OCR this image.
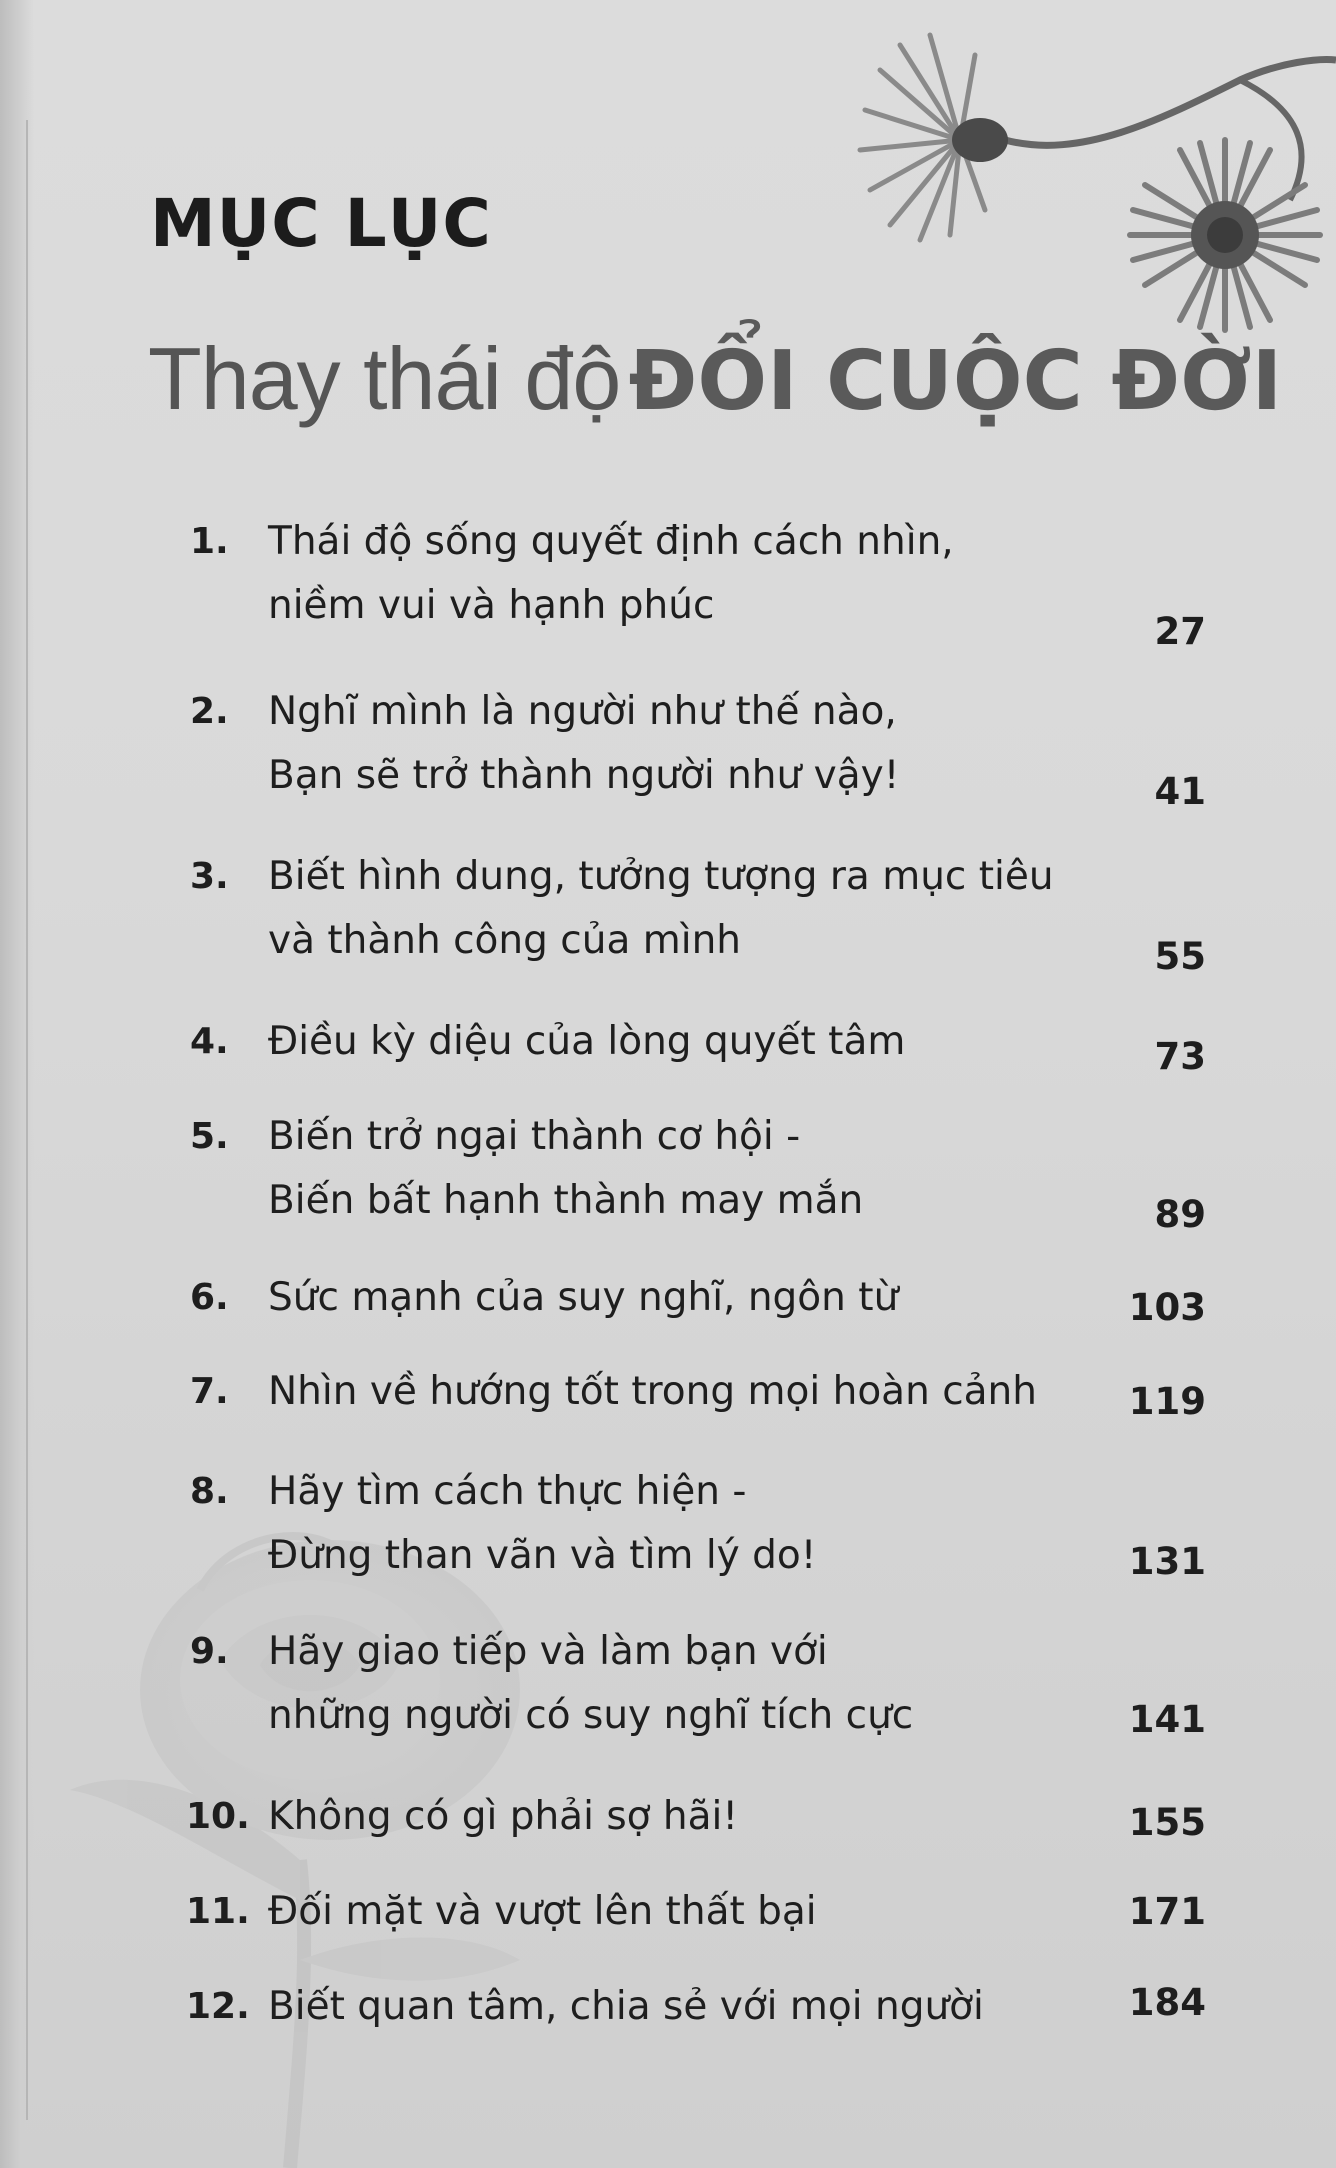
MỤC LỤC
Thay thái độ ĐỔI CUỘC ĐỜI
1. Thái độ sống quyết định cách nhìn,
niềm vui và hạnh phúc
27
2. Nghĩ mình là người như thế nào,
Bạn sẽ trở thành người như vậy!	41
3. Biết hình dung, tưởng tượng ra mục tiêu
và thành công của mình	55
4. Điều kỳ diệu của lòng quyết tâm	73
5. Biến trở ngại thành cơ hội -
Biến bất hạnh thành may mắn	89
6. Sức mạnh của suy nghĩ, ngôn từ	103
7. Nhìn về hướng tốt trong mọi hoàn cảnh	119
8. Hãy tìm cách thực hiện -
Đừng than vãn và tìm lý do!	131
9. Hãy giao tiếp và làm bạn với
những người có suy nghĩ tích cực	141
10. Không có gì phải sợ hãi!	155
11. Đối mặt và vượt lên thất bại	171
12. Biết quan tâm, chia sẻ với mọi người	184
